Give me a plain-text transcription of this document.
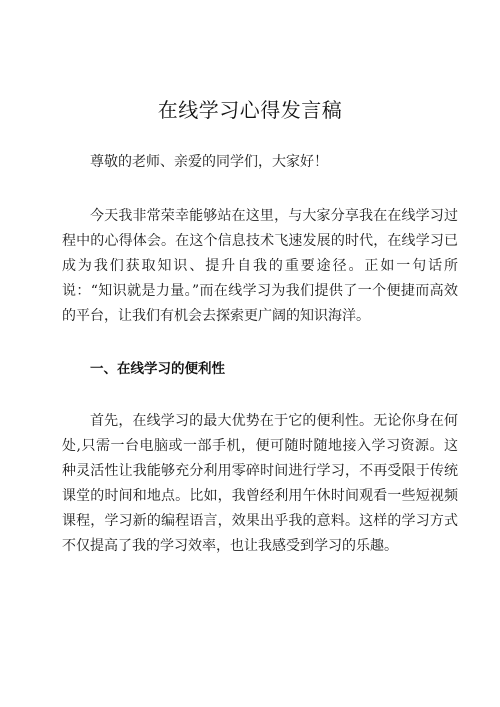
在线学习心得发言稿

尊敬的老师、亲爱的同学们，大家好！

今天我非常荣幸能够站在这里，与大家分享我在在线学习过程中的心得体会。在这个信息技术飞速发展的时代，在线学习已成为我们获取知识、提升自我的重要途径。正如一句话所说：“知识就是力量。”而在线学习为我们提供了一个便捷而高效的平台，让我们有机会去探索更广阔的知识海洋。

一、在线学习的便利性

首先，在线学习的最大优势在于它的便利性。无论你身在何处,只需一台电脑或一部手机，便可随时随地接入学习资源。这种灵活性让我能够充分利用零碎时间进行学习，不再受限于传统课堂的时间和地点。比如，我曾经利用午休时间观看一些短视频课程，学习新的编程语言，效果出乎我的意料。这样的学习方式不仅提高了我的学习效率，也让我感受到学习的乐趣。
